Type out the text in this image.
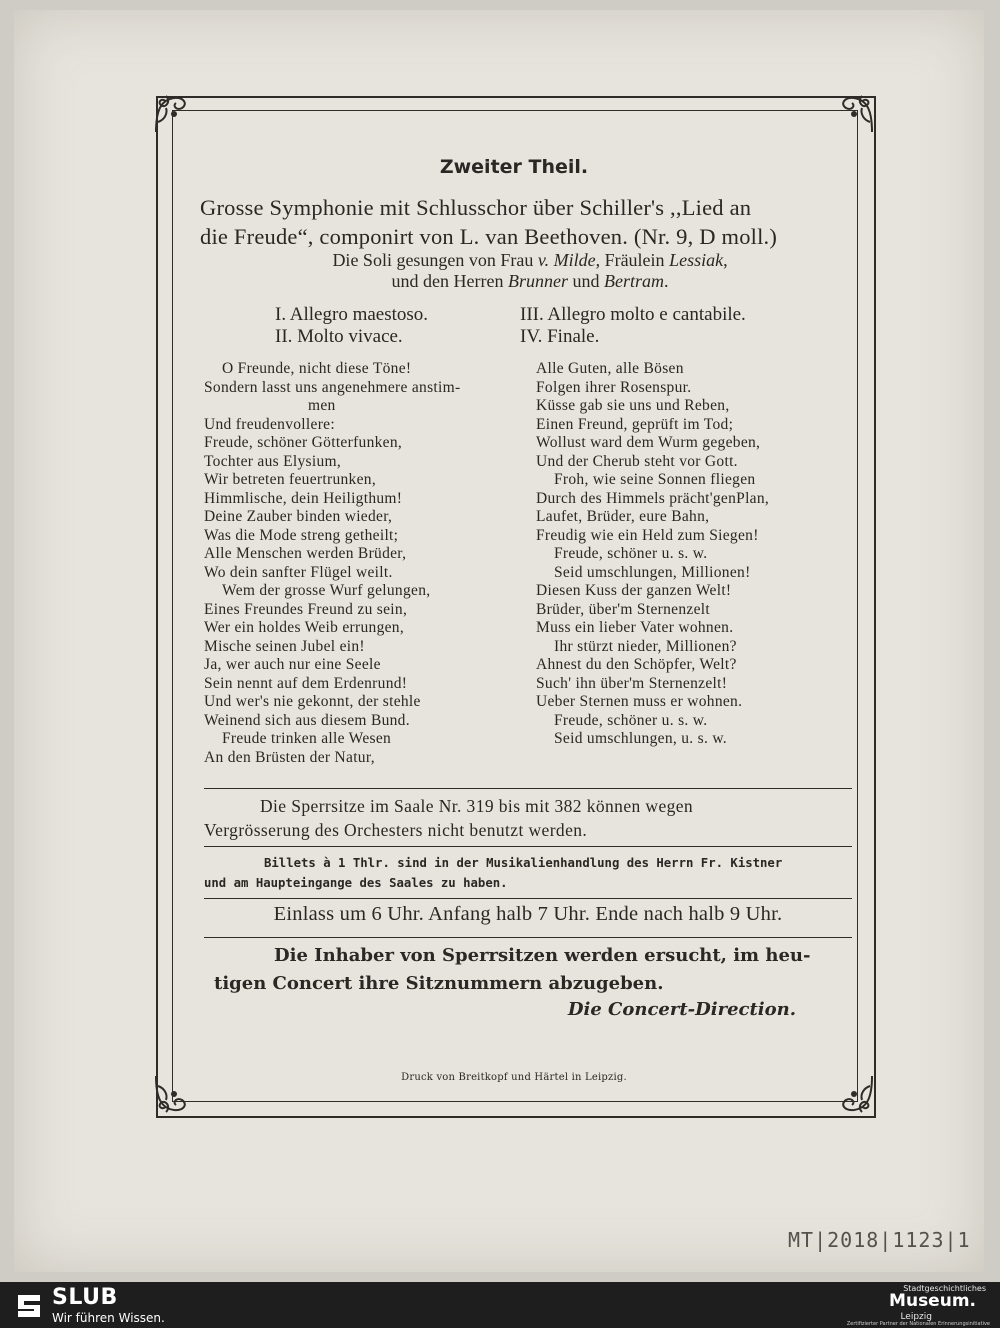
Zweiter Theil.
Grosse Symphonie mit Schlusschor über Schiller's ,,Lied an
die Freude“, componirt von L. van Beethoven. (Nr. 9, D moll.)
Die Soli gesungen von Frau v. Milde, Fräulein Lessiak,
und den Herren Brunner und Bertram.
I. Allegro maestoso.
II. Molto vivace.
III. Allegro molto e cantabile.
IV. Finale.
O Freunde, nicht diese Töne!
Sondern lasst uns angenehmere anstim-
men
Und freudenvollere:
Freude, schöner Götterfunken,
Tochter aus Elysium,
Wir betreten feuertrunken,
Himmlische, dein Heiligthum!
Deine Zauber binden wieder,
Was die Mode streng getheilt;
Alle Menschen werden Brüder,
Wo dein sanfter Flügel weilt.
Wem der grosse Wurf gelungen,
Eines Freundes Freund zu sein,
Wer ein holdes Weib errungen,
Mische seinen Jubel ein!
Ja, wer auch nur eine Seele
Sein nennt auf dem Erdenrund!
Und wer's nie gekonnt, der stehle
Weinend sich aus diesem Bund.
Freude trinken alle Wesen
An den Brüsten der Natur,
Alle Guten, alle Bösen
Folgen ihrer Rosenspur.
Küsse gab sie uns und Reben,
Einen Freund, geprüft im Tod;
Wollust ward dem Wurm gegeben,
Und der Cherub steht vor Gott.
Froh, wie seine Sonnen fliegen
Durch des Himmels prächt'genPlan,
Laufet, Brüder, eure Bahn,
Freudig wie ein Held zum Siegen!
Freude, schöner u. s. w.
Seid umschlungen, Millionen!
Diesen Kuss der ganzen Welt!
Brüder, über'm Sternenzelt
Muss ein lieber Vater wohnen.
Ihr stürzt nieder, Millionen?
Ahnest du den Schöpfer, Welt?
Such' ihn über'm Sternenzelt!
Ueber Sternen muss er wohnen.
Freude, schöner u. s. w.
Seid umschlungen, u. s. w.
Die Sperrsitze im Saale Nr. 319 bis mit 382 können wegen
Vergrösserung des Orchesters nicht benutzt werden.
Billets à 1 Thlr. sind in der Musikalienhandlung des Herrn Fr. Kistner
und am Haupteingange des Saales zu haben.
Einlass um 6 Uhr. Anfang halb 7 Uhr. Ende nach halb 9 Uhr.
Die Inhaber von Sperrsitzen werden ersucht, im heu-
tigen Concert ihre Sitznummern abzugeben.
Die Concert-Direction.
Druck von Breitkopf und Härtel in Leipzig.
MT|2018|1123|1
SLUB
Wir führen Wissen.
Stadtgeschichtliches
Museum.
Leipzig
Zertifizierter Partner der Nationalen Erinnerungsinitiative
